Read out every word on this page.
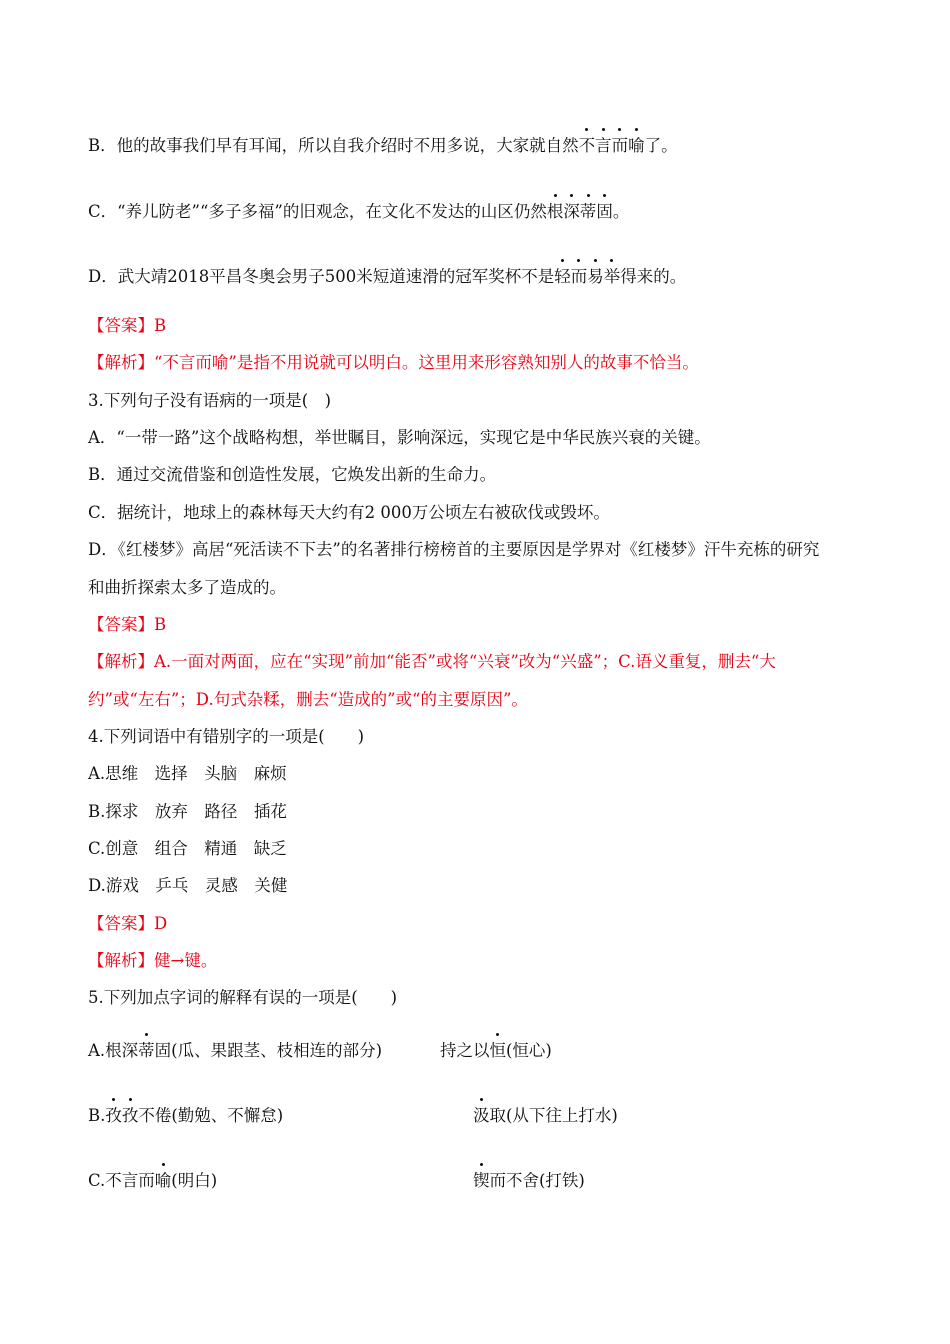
B．他的故事我们早有耳闻，所以自我介绍时不用多说，大家就自然不言而喻了。

C．“养儿防老”“多子多福”的旧观念，在文化不发达的山区仍然根深蒂固。

D．武大靖2018平昌冬奥会男子500米短道速滑的冠军奖杯不是轻而易举得来的。

【答案】B

【解析】“不言而喻”是指不用说就可以明白。这里用来形容熟知别人的故事不恰当。

3.下列句子没有语病的一项是(　)

A．“一带一路”这个战略构想，举世瞩目，影响深远，实现它是中华民族兴衰的关键。

B．通过交流借鉴和创造性发展，它焕发出新的生命力。

C．据统计，地球上的森林每天大约有2 000万公顷左右被砍伐或毁坏。

D．《红楼梦》高居“死活读不下去”的名著排行榜榜首的主要原因是学界对《红楼梦》汗牛充栋的研究

和曲折探索太多了造成的。

【答案】B

【解析】A.一面对两面，应在“实现”前加“能否”或将“兴衰”改为“兴盛”；C.语义重复，删去“大

约”或“左右”；D.句式杂糅，删去“造成的”或“的主要原因”。

4.下列词语中有错别字的一项是(　　)

A.思维　选择　头脑　麻烦

B.探求　放弃　路径　插花

C.创意　组合　精通　缺乏

D.游戏　乒乓　灵感　关健

【答案】D

【解析】健→键。

5.下列加点字词的解释有误的一项是(　　)

A.根深蒂固(瓜、果跟茎、枝相连的部分)	持之以恒(恒心)

B.孜孜不倦(勤勉、不懈怠)	汲取(从下往上打水)

C.不言而喻(明白)	锲而不舍(打铁)
